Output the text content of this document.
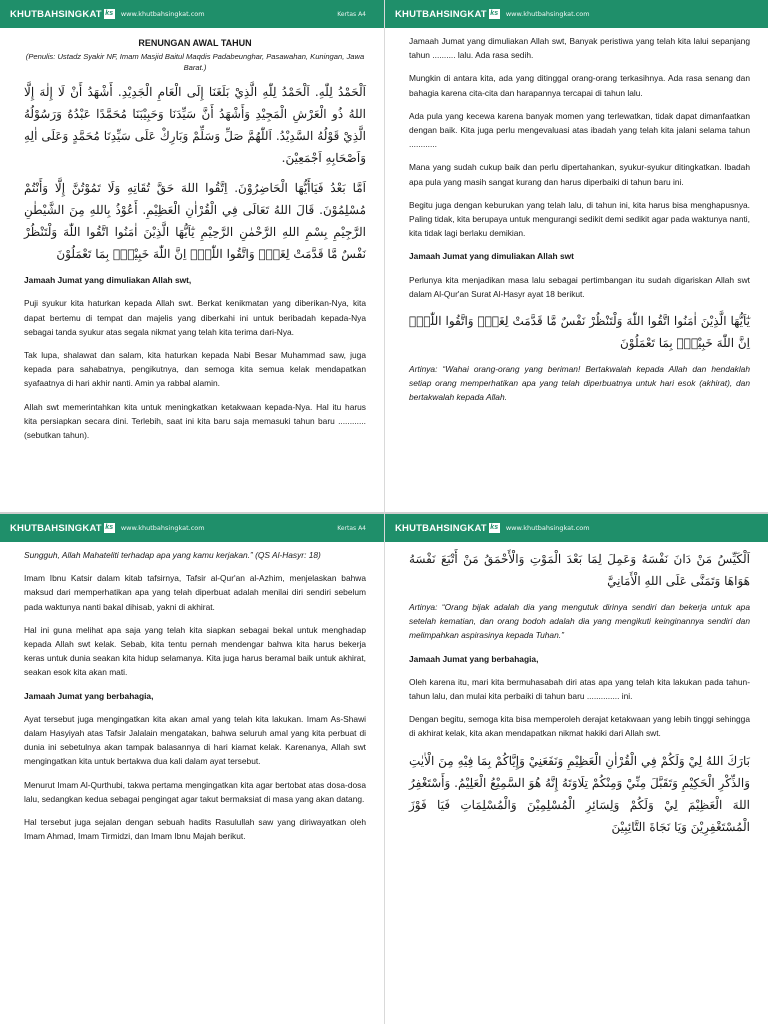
KHUTBAHSINGKAT ks www.khutbahsingkat.com	Kertas A4
RENUNGAN AWAL TAHUN
(Penulis: Ustadz Syakir NF, Imam Masjid Baitul Maqdis Padabeunghar, Pasawahan, Kuningan, Jawa Barat.)
اَلْحَمْدُ لِلّٰهِ. اَلْحَمْدُ لِلّٰهِ الَّذِيْ بَلَغَنَا إِلَى الْعَامِ الْجَدِيْدِ. أَشْهَدُ أَنْ لَا إِلٰهَ إِلَّا اللهُ ذُو الْعَرْشِ الْمَجِيْدِ وَأَشْهَدُ أَنَّ سَيِّدَنَا وَحَبِيْبَنَا مُحَمَّدًا عَبْدُهُ وَرَسُوْلُهُ الَّذِيْ قَوْلُهُ السَّدِيْدُ. اَللّٰهُمَّ صَلِّ وَسَلِّمْ وَبَارِكْ عَلَى سَيِّدِنَا مُحَمَّدٍ وَعَلَى اٰلِهِ وَاَصْحَابِهِ اَجْمَعِيْنَ.
اَمَّا بَعْدُ فَيَاأَيُّهَا الْحَاضِرُوْنَ. اِتَّقُوا اللهَ حَقَّ تُقَاتِهِ وَلَا تَمُوْتُنَّ إِلَّا وَأَنْتُمْ مُسْلِمُوْنَ. قَالَ اللهُ تَعَالَى فِي الْقُرْاٰنِ الْعَظِيْمِ. أَعُوْذُ بِاللهِ مِنَ الشَّيْطٰنِ الرَّجِيْمِ بِسْمِ اللهِ الرَّحْمٰنِ الرَّحِيْمِ يٰٓاَيُّهَا الَّذِيْنَ اٰمَنُوا اتَّقُوا اللّٰهَ وَلْتَنْظُرْ نَفْسٌ مَّا قَدَّمَتْ لِغَدٍۚ وَاتَّقُوا اللّٰهَۗ اِنَّ اللّٰهَ خَبِيْرٌۢ بِمَا تَعْمَلُوْنَ

Jamaah Jumat yang dimuliakan Allah swt,

Puji syukur kita haturkan kepada Allah swt. Berkat kenikmatan yang diberikan-Nya, kita dapat bertemu di tempat dan majelis yang diberkahi ini untuk beribadah kepada-Nya sebagai tanda syukur atas segala nikmat yang telah kita terima dari-Nya.

Tak lupa, shalawat dan salam, kita haturkan kepada Nabi Besar Muhammad saw, juga kepada para sahabatnya, pengikutnya, dan semoga kita semua kelak mendapatkan syafaatnya di hari akhir nanti. Amin ya rabbal alamin.

Allah swt memerintahkan kita untuk meningkatkan ketakwaan kepada-Nya. Hal itu harus kita persiapkan secara dini. Terlebih, saat ini kita baru saja memasuki tahun baru ............ (sebutkan tahun).

KHUTBAHSINGKAT ks www.khutbahsingkat.com

Jamaah Jumat yang dimuliakan Allah swt, Banyak peristiwa yang telah kita lalui sepanjang tahun .......... lalu. Ada rasa sedih.

Mungkin di antara kita, ada yang ditinggal orang-orang terkasihnya. Ada rasa senang dan bahagia karena cita-cita dan harapannya tercapai di tahun lalu.

Ada pula yang kecewa karena banyak momen yang terlewatkan, tidak dapat dimanfaatkan dengan baik. Kita juga perlu mengevaluasi atas ibadah yang telah kita jalani selama tahun ............

Mana yang sudah cukup baik dan perlu dipertahankan, syukur-syukur ditingkatkan. Ibadah apa pula yang masih sangat kurang dan harus diperbaiki di tahun baru ini.

Begitu juga dengan keburukan yang telah lalu, di tahun ini, kita harus bisa menghapusnya. Paling tidak, kita berupaya untuk mengurangi sedikit demi sedikit agar pada waktunya nanti, kita tidak lagi berlaku demikian.

Jamaah Jumat yang dimuliakan Allah swt

Perlunya kita menjadikan masa lalu sebagai pertimbangan itu sudah digariskan Allah swt dalam Al-Qur'an Surat Al-Hasyr ayat 18 berikut.

يٰٓاَيُّهَا الَّذِيْنَ اٰمَنُوا اتَّقُوا اللّٰهَ وَلْتَنْظُرْ نَفْسٌ مَّا قَدَّمَتْ لِغَدٍۚ وَاتَّقُوا اللّٰهَۗ اِنَّ اللّٰهَ خَبِيْرٌۢ بِمَا تَعْمَلُوْنَ

Artinya: “Wahai orang-orang yang beriman! Bertakwalah kepada Allah dan hendaklah setiap orang memperhatikan apa yang telah diperbuatnya untuk hari esok (akhirat), dan bertakwalah kepada Allah.

KHUTBAHSINGKAT ks www.khutbahsingkat.com	Kertas A4

Sungguh, Allah Mahateliti terhadap apa yang kamu kerjakan.” (QS Al-Hasyr: 18)

Imam Ibnu Katsir dalam kitab tafsirnya, Tafsir al-Qur'an al-Azhim, menjelaskan bahwa maksud dari memperhatikan apa yang telah diperbuat adalah menilai diri sendiri sebelum pada waktunya nanti bakal dihisab, yakni di akhirat.

Hal ini guna melihat apa saja yang telah kita siapkan sebagai bekal untuk menghadap kepada Allah swt kelak. Sebab, kita tentu pernah mendengar bahwa kita harus bekerja keras untuk dunia seakan kita hidup selamanya. Kita juga harus beramal baik untuk akhirat, seakan esok kita akan mati.

Jamaah Jumat yang berbahagia,

Ayat tersebut juga mengingatkan kita akan amal yang telah kita lakukan. Imam As-Shawi dalam Hasyiyah atas Tafsir Jalalain mengatakan, bahwa seluruh amal yang kita perbuat di dunia ini sebetulnya akan tampak balasannya di hari kiamat kelak. Karenanya, Allah swt mengingatkan kita untuk bertakwa dua kali dalam ayat tersebut.

Menurut Imam Al-Qurthubi, takwa pertama mengingatkan kita agar bertobat atas dosa-dosa lalu, sedangkan kedua sebagai pengingat agar takut bermaksiat di masa yang akan datang.

Hal tersebut juga sejalan dengan sebuah hadits Rasulullah saw yang diriwayatkan oleh Imam Ahmad, Imam Tirmidzi, dan Imam Ibnu Majah berikut.

KHUTBAHSINGKAT ks www.khutbahsingkat.com
اَلْكَيِّسُ مَنْ دَانَ نَفْسَهُ وَعَمِلَ لِمَا بَعْدَ الْمَوْتِ وَالْأَحْمَقُ مَنْ أَتْبَعَ نَفْسَهُ هَوَاهَا وَتَمَنَّى عَلَى اللهِ الْأَمَانِيَّ

Artinya: “Orang bijak adalah dia yang mengutuk dirinya sendiri dan bekerja untuk apa setelah kematian, dan orang bodoh adalah dia yang mengikuti keinginannya sendiri dan melimpahkan aspirasinya kepada Tuhan.”

Jamaah Jumat yang berbahagia,

Oleh karena itu, mari kita bermuhasabah diri atas apa yang telah kita lakukan pada tahun-tahun lalu, dan mulai kita perbaiki di tahun baru .............. ini.

Dengan begitu, semoga kita bisa memperoleh derajat ketakwaan yang lebih tinggi sehingga di akhirat kelak, kita akan mendapatkan nikmat hakiki dari Allah swt.

بَارَكَ اللهُ لِيْ وَلَكُمْ فِي الْقُرْاٰنِ الْعَظِيْمِ وَنَفَعَنِيْ وَإِيَّاكُمْ بِمَا فِيْهِ مِنَ الْاٰيٰتِ وَالذِّكْرِ الْحَكِيْمِ وَتَقَبَّلَ مِنِّيْ وَمِنْكُمْ تِلَاوَتَهُ إِنَّهُ هُوَ السَّمِيْعُ الْعَلِيْمُ. وَأَسْتَغْفِرُ اللهَ الْعَظِيْمَ لِيْ وَلَكُمْ وَلِسَائِرِ الْمُسْلِمِيْنَ وَالْمُسْلِمَاتِ فَيَا فَوْزَ الْمُسْتَغْفِرِيْنَ وَيَا نَجَاةَ التَّائِبِيْنَ
